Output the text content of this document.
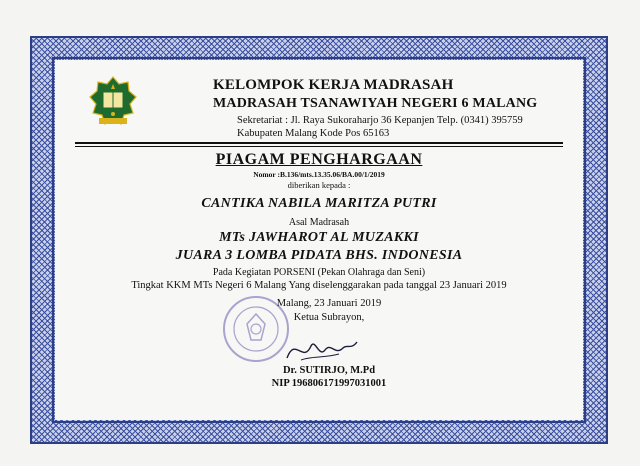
KELOMPOK KERJA MADRASAH
MADRASAH TSANAWIYAH NEGERI 6 MALANG
Sekretariat : Jl. Raya Sukoraharjo 36 Kepanjen Telp. (0341) 395759
Kabupaten Malang Kode Pos 65163
PIAGAM PENGHARGAAN
Nomor :B.136/mts.13.35.06/BA.00/1/2019
diberikan kepada :
CANTIKA NABILA MARITZA PUTRI
Asal Madrasah
MTs JAWHAROT AL MUZAKKI
JUARA 3 LOMBA PIDATA BHS. INDONESIA
Pada Kegiatan PORSENI (Pekan Olahraga dan Seni)
Tingkat KKM MTs Negeri 6 Malang Yang diselenggarakan pada tanggal 23 Januari 2019
Malang, 23 Januari 2019
Ketua Subrayon,
Dr. SUTIRJO, M.Pd
NIP 196806171997031001
